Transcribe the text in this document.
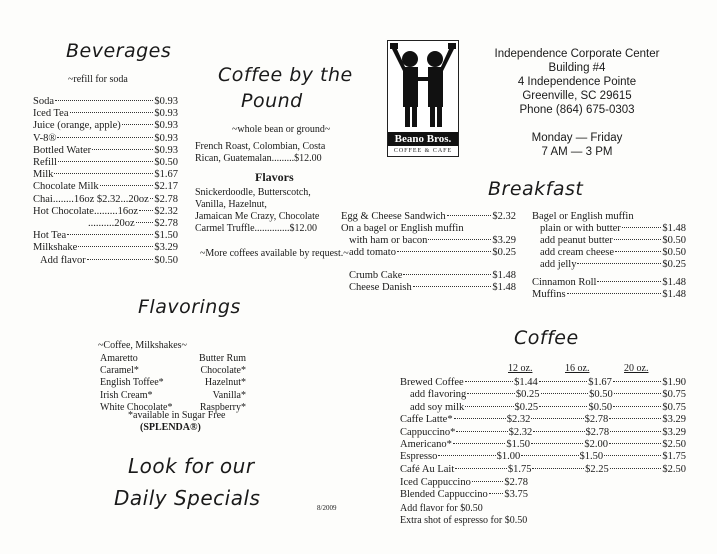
Beverages
~refill for soda	Coffee by the
Pound
~whole bean or ground~
French Roast, Colombian, Costa
Rican, Guatemalan.........$12.00
Flavors
Snickerdoodle, Butterscotch,
Vanilla, Hazelnut,
Jamaican Me Crazy, Chocolate
Carmel Truffle..............$12.00
~More coffees available by request.~
Flavorings
~Coffee, Milkshakes~
*available in Sugar Free
(SPLENDA®)
Look for our
Daily Specials	8/2009
Beano Bros.
COFFEE & CAFE
Independence Corporate Center
Building #4
4 Independence Pointe
Greenville, SC 29615
Phone (864) 675-0303
Monday — Friday
7 AM — 3 PM
Breakfast
Coffee
12 oz.	16 oz.	20 oz.
Add flavor for $0.50
Extra shot of espresso for $0.50
Soda	$0.93
Iced Tea	$0.93
Juice (orange, apple)	$0.93
V-8®	$0.93
Bottled Water	$0.93
Refill	$0.50
Milk	$1.67
Chocolate Milk	$2.17
Chai........16oz $2.32...20oz $2.78
Hot Chocolate.........16oz $2.32
..........20oz $2.78
Hot Tea	$1.50
Milkshake	$3.29
Add flavor	$0.50
Egg & Cheese Sandwich	$2.32
On a bagel or English muffin
with ham or bacon	$3.29
add tomato	$0.25
Crumb Cake	$1.48
Cheese Danish	$1.48
Bagel or English muffin
plain or with butter	$1.48
add peanut butter	$0.50
add cream cheese	$0.50
add jelly	$0.25
Cinnamon Roll	$1.48
Muffins	$1.48
Brewed Coffee	$1.44	$1.67	$1.90
add flavoring	$0.25	$0.50	$0.75
add soy milk	$0.25	$0.50	$0.75
Caffe Latte*	$2.32	$2.78	$3.29
Cappuccino*	$2.32	$2.78	$3.29
Americano*	$1.50	$2.00	$2.50
Espresso	$1.00	$1.50	$1.75
Café Au Lait	$1.75	$2.25	$2.50
Iced Cappuccino	$2.78
Blended Cappuccino $3.75
Amaretto
Caramel*
English Toffee*
Irish Cream*
White Chocolate*
Butter Rum
Chocolate*
Hazelnut*
Vanilla*
Raspberry*
